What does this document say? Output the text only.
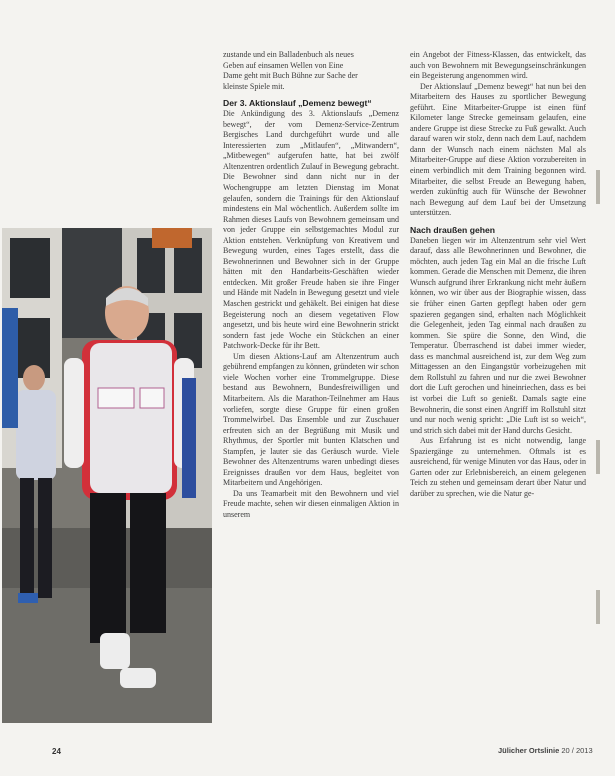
zustande und ein Balladenbuch als neues

Geben auf einsamen Wellen von Eine

Dame geht mit Buch Bühne zur Sache der

kleinste Spiele mit.

Der 3. Aktionslauf „Demenz bewegt“

Die Ankündigung des 3. Aktionslaufs „Demenz bewegt“, der vom Demenz-Service-Zentrum Bergisches Land durchgeführt wurde und alle Interessierten zum „Mitlaufen“, „Mitwandern“, „Mitbewegen“ aufgerufen hatte, hat bei zwölf Altenzentren ordentlich Zulauf in Bewegung gebracht. Die Bewohner sind dann nicht nur in der Wochengruppe am letzten Dienstag im Monat gelaufen, sondern die Trainings für den Aktionslauf mindestens ein Mal wöchentlich. Außerdem sollte im Rahmen dieses Laufs von Bewohnern gemeinsam und von jeder Gruppe ein selbstgemachtes Modul zur Aktion entstehen. Verknüpfung von Kreativem und Bewegung wurden, eines Tages erstellt, dass die Bewohnerinnen und Bewohner sich in der Gruppe hätten mit den Handarbeits-Geschäften wieder entdecken. Mit großer Freude haben sie ihre Finger und Hände mit Nadeln in Bewegung gesetzt und viele Maschen gestrickt und gehäkelt. Bei einigen hat diese Begeisterung noch an diesem vegetativen Flow angesetzt, und bis heute wird eine Bewohnerin strickt sondern fast jede Woche ein Stückchen an einer Patchwork-Decke für ihr Bett.

Um diesen Aktions-Lauf am Altenzentrum auch gebührend empfangen zu können, gründeten wir schon viele Wochen vorher eine Trommelgruppe. Diese bestand aus Bewohnern, Bundesfreiwilligen und Mitarbeitern. Als die Marathon-Teilnehmer am Haus vorliefen, sorgte diese Gruppe für einen großen Trommelwirbel. Das Ensemble und zur Zuschauer erfreuten sich an der Begrüßung mit Musik und Rhythmus, der Sportler mit bunten Klatschen und Stampfen, je lauter sie das Geräusch wurde. Viele Bewohner des Altenzentrums waren unbedingt dieses Ereignisses draußen vor dem Haus, begleitet von Mitarbeitern und Angehörigen.

Da uns Teamarbeit mit den Bewohnern und viel Freude machte, sehen wir diesen einmaligen Aktion in unserem

ein Angebot der Fitness-Klassen, das entwickelt, das auch von Bewohnern mit Bewegungseinschränkungen ein Begeisterung angenommen wird.

Der Aktionslauf „Demenz bewegt“ hat nun bei den Mitarbeitern des Hauses zu sportlicher Bewegung geführt. Eine Mitarbeiter-Gruppe ist einen fünf Kilometer lange Strecke gemeinsam gelaufen, eine andere Gruppe ist diese Strecke zu Fuß gewalkt. Auch darauf waren wir stolz, denn nach dem Lauf, nachdem dann der Wunsch nach einem nächsten Mal als Mitarbeiter-Gruppe auf diese Aktion vorzubereiten in einem verbindlich mit dem Training begonnen wird. Mitarbeiter, die selbst Freude an Bewegung haben, werden zukünftig auch für Wünsche der Bewohner nach Bewegung auf dem Lauf bei der Umsetzung unterstützen.

Nach draußen gehen

Daneben liegen wir im Altenzentrum sehr viel Wert darauf, dass alle Bewohnerinnen und Bewohner, die möchten, auch jeden Tag ein Mal an die frische Luft kommen. Gerade die Menschen mit Demenz, die ihren Wunsch aufgrund ihrer Erkrankung nicht mehr äußern können, wo wir über aus der Biographie wissen, dass sie früher einen Garten gepflegt haben oder gern spazieren gegangen sind, erhalten nach Möglichkeit die Gelegenheit, jeden Tag einmal nach draußen zu kommen. Sie spüre die Sonne, den Wind, die Temperatur. Überraschend ist dabei immer wieder, dass es manchmal ausreichend ist, zur dem Weg zum Mittagessen an den Eingangstür vorbeizugehen mit dem Rollstuhl zu fahren und nur die zwei Bewohner dort die Luft gerochen und hineinriechen, dass es bei ist vorbei die Luft so genießt. Damals sagte eine Bewohnerin, die sonst einen Angriff im Rollstuhl sitzt und nur noch wenig spricht: „Die Luft ist so weich“, und strich sich dabei mit der Hand durchs Gesicht.

Aus Erfahrung ist es nicht notwendig, lange Spaziergänge zu unternehmen. Oftmals ist es ausreichend, für wenige Minuten vor das Haus, oder in Garten oder zur Erlebnisbereich, an einem gelegenen Teich zu stehen und gemeinsam derart über Natur und darüber zu sprechen, wie die Natur ge-

24	Jülicher Ortslinie 20 / 2013
